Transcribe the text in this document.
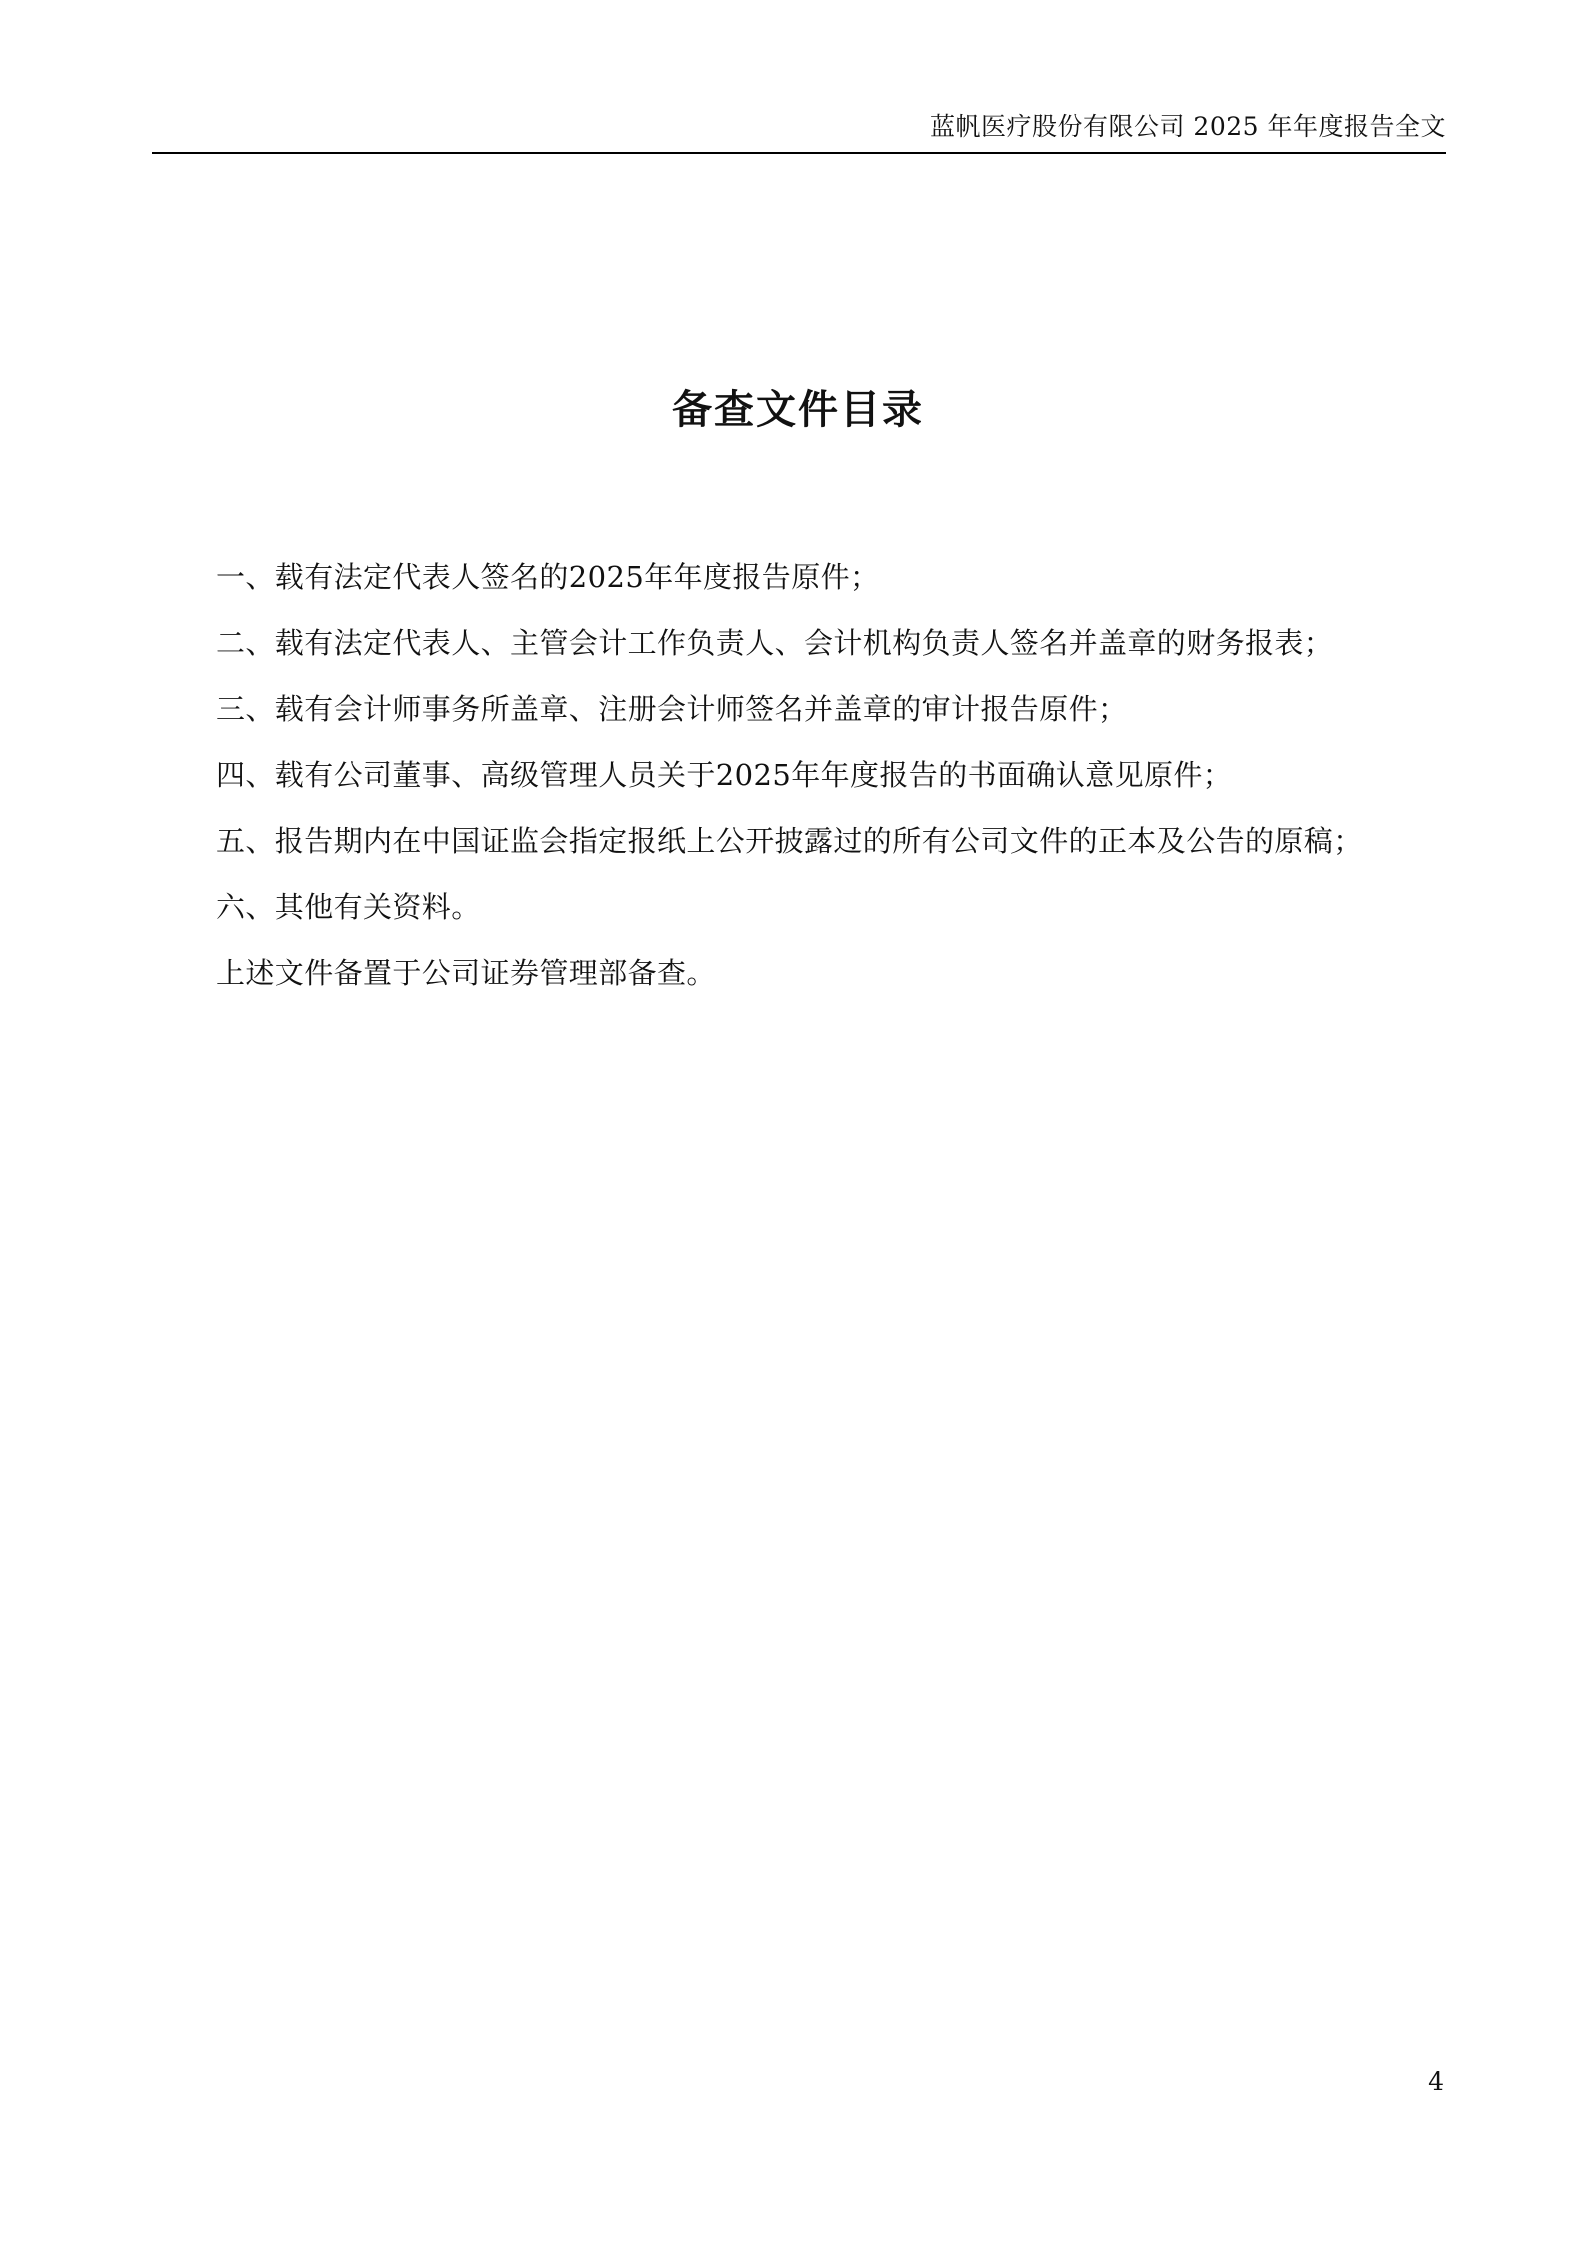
蓝帆医疗股份有限公司 2025 年年度报告全文
备查文件目录
一、载有法定代表人签名的2025年年度报告原件；
二、载有法定代表人、主管会计工作负责人、会计机构负责人签名并盖章的财务报表；
三、载有会计师事务所盖章、注册会计师签名并盖章的审计报告原件；
四、载有公司董事、高级管理人员关于2025年年度报告的书面确认意见原件；
五、报告期内在中国证监会指定报纸上公开披露过的所有公司文件的正本及公告的原稿；
六、其他有关资料。
上述文件备置于公司证券管理部备查。
4
